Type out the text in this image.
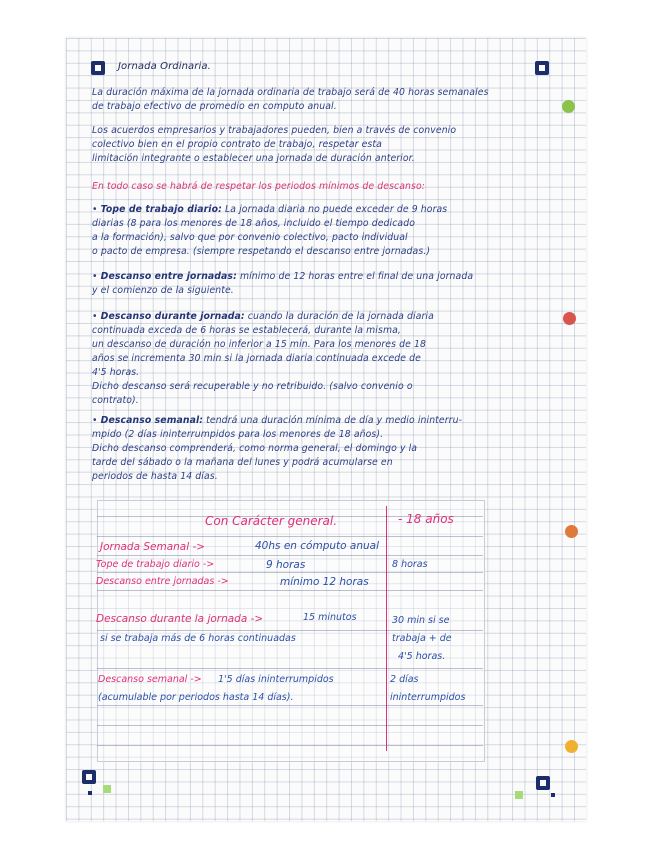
Jornada Ordinaria.
La duración máxima de la jornada ordinaria de trabajo será de 40 horas semanales
de trabajo efectivo de promedio en computo anual.
Los acuerdos empresarios y trabajadores pueden, bien a través de convenio
colectivo bien en el propio contrato de trabajo, respetar esta
limitación integrante o establecer una jornada de duración anterior.
En todo caso se habrá de respetar los periodos mínimos de descanso:
• Tope de trabajo diario: La jornada diaria no puede exceder de 9 horas
diarias (8 para los menores de 18 años, incluido el tiempo dedicado
a la formación), salvo que por convenio colectivo, pacto individual
o pacto de empresa. (siempre respetando el descanso entre jornadas.)
• Descanso entre jornadas: mínimo de 12 horas entre el final de una jornada
y el comienzo de la siguiente.
• Descanso durante jornada: cuando la duración de la jornada diaria
continuada exceda de 6 horas se establecerá, durante la misma,
un descanso de duración no inferior a 15 min. Para los menores de 18
años se incrementa 30 min si la jornada diaria continuada excede de
4'5 horas.
Dicho descanso será recuperable y no retribuido. (salvo convenio o
contrato).
• Descanso semanal: tendrá una duración mínima de día y medio ininterru-
mpido (2 días ininterrumpidos para los menores de 18 años).
Dicho descanso comprenderá, como norma general, el domingo y la
tarde del sábado o la mañana del lunes y podrá acumularse en
periodos de hasta 14 días.
Con Carácter general.	- 18 años
Jornada Semanal ->	40hs en cómputo anual
Tope de trabajo diario ->	9 horas	8 horas
Descanso entre jornadas ->	mínimo 12 horas
Descanso durante la jornada ->	15 minutos	30 min si se
si se trabaja más de 6 horas continuadas	trabaja + de
4'5 horas.
Descanso semanal -> 1'5 días ininterrumpidos	2 días
(acumulable por periodos hasta 14 días).	ininterrumpidos
